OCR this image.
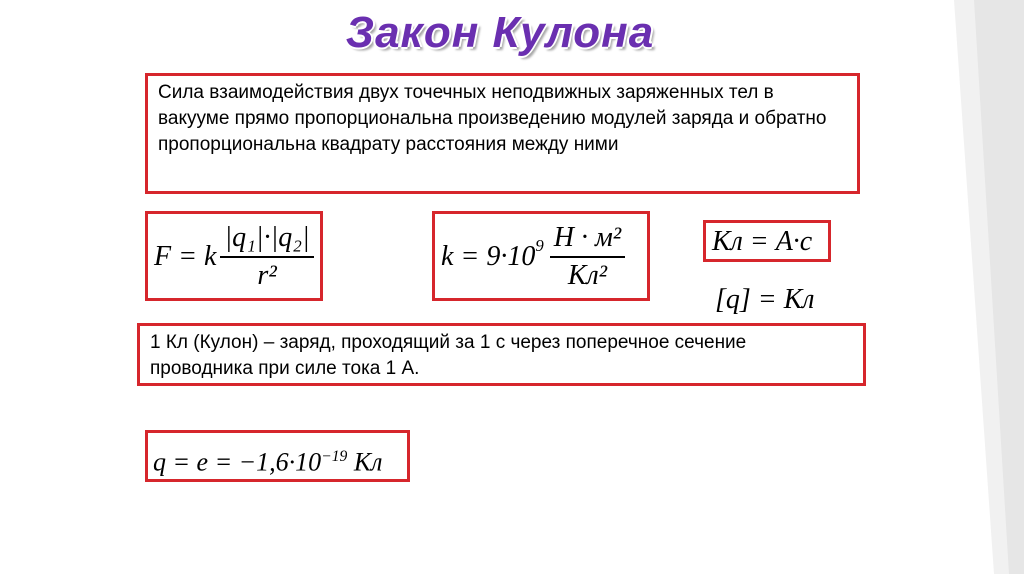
Закон Кулона
Сила взаимодействия двух точечных неподвижных заряженных тел в вакууме прямо пропорциональна произведению модулей заряда и обратно пропорциональна квадрату расстояния между ними
F = k $\frac{\text{|q₁|·|q₂|}}{\text{r²}}$	$k = 9\cdot 10^9 \frac{\text{Н · м²}}{\text{Кл²}}$	Кл = А·с
[q] = Кл
1 Кл (Кулон) – заряд, проходящий за 1 с через поперечное сечение проводника при силе тока 1 А.
$q = e = -1,6\cdot 10^{-19}$ Кл
